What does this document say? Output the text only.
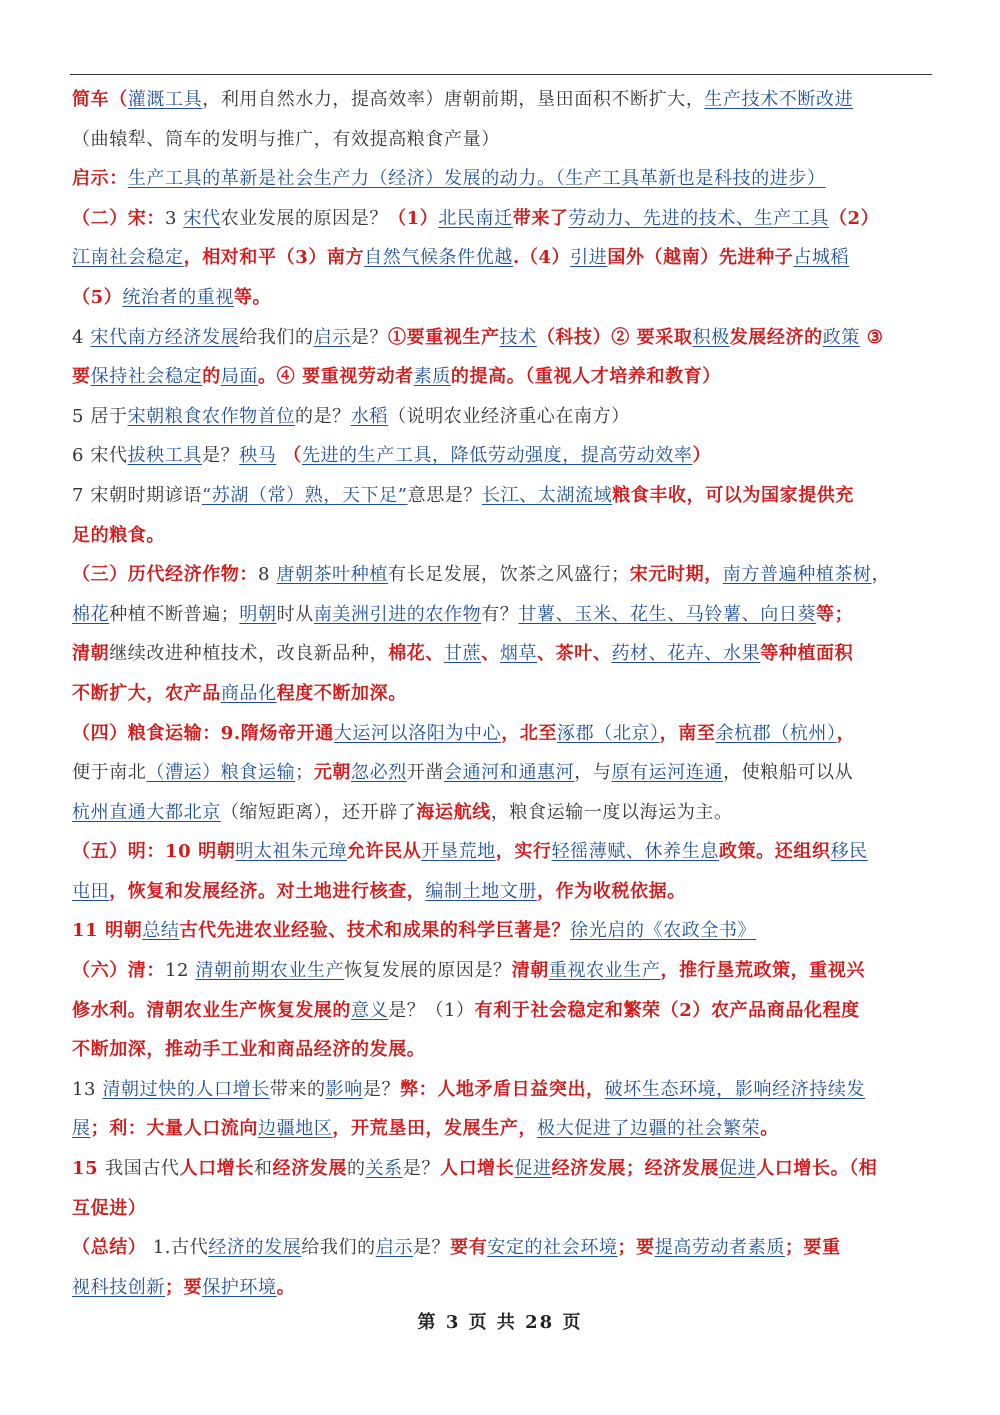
简车（灌溉工具，利用自然水力，提高效率）唐朝前期，垦田面积不断扩大，生产技术不断改进
（曲辕犁、筒车的发明与推广，有效提高粮食产量）
启示：生产工具的革新是社会生产力（经济）发展的动力。（生产工具革新也是科技的进步）
（二）宋：3 宋代农业发展的原因是？（1）北民南迁带来了劳动力、先进的技术、生产工具（2）
江南社会稳定，相对和平（3）南方自然气候条件优越.（4）引进国外（越南）先进种子占城稻
（5）统治者的重视等。
4 宋代南方经济发展给我们的启示是？①要重视生产技术（科技）② 要采取积极发展经济的政策 ③
要保持社会稳定的局面。④ 要重视劳动者素质的提高。（重视人才培养和教育）
5 居于宋朝粮食农作物首位的是？水稻（说明农业经济重心在南方）
6 宋代拔秧工具是？秧马 （先进的生产工具，降低劳动强度，提高劳动效率）
7 宋朝时期谚语“苏湖（常）熟，天下足”意思是？长江、太湖流域粮食丰收，可以为国家提供充
足的粮食。
（三）历代经济作物：8 唐朝茶叶种植有长足发展，饮茶之风盛行；宋元时期，南方普遍种植茶树，
棉花种植不断普遍；明朝时从南美洲引进的农作物有？甘薯、玉米、花生、马铃薯、向日葵等；
清朝继续改进种植技术，改良新品种，棉花、甘蔗、烟草、茶叶、药材、花卉、水果等种植面积
不断扩大，农产品商品化程度不断加深。
（四）粮食运输：9.隋炀帝开通大运河以洛阳为中心，北至涿郡（北京），南至余杭郡（杭州），
便于南北（漕运）粮食运输；元朝忽必烈开凿会通河和通惠河，与原有运河连通，使粮船可以从
杭州直通大都北京（缩短距离），还开辟了海运航线，粮食运输一度以海运为主。
（五）明：10 明朝明太祖朱元璋允许民从开垦荒地，实行轻徭薄赋、休养生息政策。还组织移民
屯田，恢复和发展经济。对土地进行核查，编制土地文册，作为收税依据。
11 明朝总结古代先进农业经验、技术和成果的科学巨著是？徐光启的《农政全书》
（六）清：12 清朝前期农业生产恢复发展的原因是？清朝重视农业生产，推行垦荒政策，重视兴
修水利。清朝农业生产恢复发展的意义是？（1）有利于社会稳定和繁荣（2）农产品商品化程度
不断加深，推动手工业和商品经济的发展。
13 清朝过快的人口增长带来的影响是？弊：人地矛盾日益突出，破坏生态环境，影响经济持续发
展；利：大量人口流向边疆地区，开荒垦田，发展生产，极大促进了边疆的社会繁荣。
15 我国古代人口增长和经济发展的关系是？人口增长促进经济发展；经济发展促进人口增长。（相
互促进）
（总结） 1.古代经济的发展给我们的启示是？要有安定的社会环境；要提高劳动者素质；要重
视科技创新；要保护环境。
第 3 页 共 28 页
